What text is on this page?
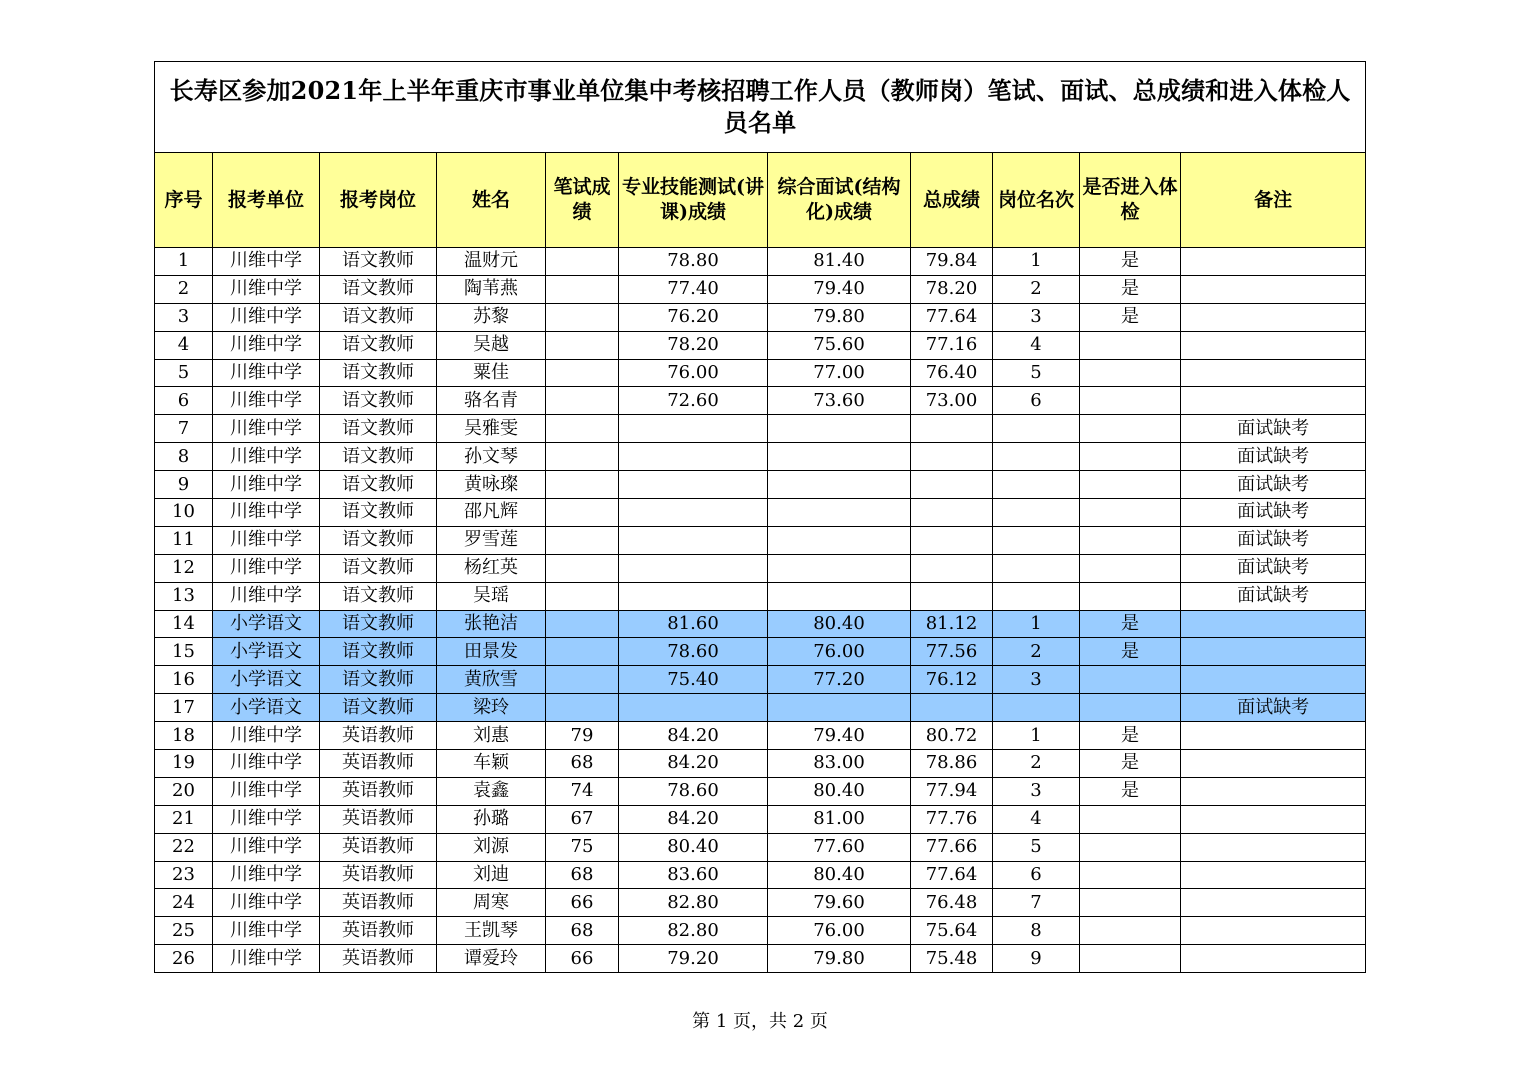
长寿区参加2021年上半年重庆市事业单位集中考核招聘工作人员（教师岗）笔试、面试、总成绩和进入体检人员名单										
序号	报考单位	报考岗位	姓名	笔试成绩	专业技能测试(讲课)成绩	综合面试(结构化)成绩	总成绩	岗位名次	是否进入体检	备注
1	川维中学	语文教师	温财元		78.80	81.40	79.84	1	是	
2	川维中学	语文教师	陶苇燕		77.40	79.40	78.20	2	是	
3	川维中学	语文教师	苏黎		76.20	79.80	77.64	3	是	
4	川维中学	语文教师	吴越		78.20	75.60	77.16	4		
5	川维中学	语文教师	粟佳		76.00	77.00	76.40	5		
6	川维中学	语文教师	骆名青		72.60	73.60	73.00	6		
7	川维中学	语文教师	吴雅雯							面试缺考
8	川维中学	语文教师	孙文琴							面试缺考
9	川维中学	语文教师	黄咏璨							面试缺考
10	川维中学	语文教师	邵凡辉							面试缺考
11	川维中学	语文教师	罗雪莲							面试缺考
12	川维中学	语文教师	杨红英							面试缺考
13	川维中学	语文教师	吴瑶							面试缺考
14	小学语文	语文教师	张艳洁		81.60	80.40	81.12	1	是	
15	小学语文	语文教师	田景发		78.60	76.00	77.56	2	是	
16	小学语文	语文教师	黄欣雪		75.40	77.20	76.12	3		
17	小学语文	语文教师	梁玲							面试缺考
18	川维中学	英语教师	刘惠	79	84.20	79.40	80.72	1	是	
19	川维中学	英语教师	车颖	68	84.20	83.00	78.86	2	是	
20	川维中学	英语教师	袁鑫	74	78.60	80.40	77.94	3	是	
21	川维中学	英语教师	孙璐	67	84.20	81.00	77.76	4		
22	川维中学	英语教师	刘源	75	80.40	77.60	77.66	5		
23	川维中学	英语教师	刘迪	68	83.60	80.40	77.64	6		
24	川维中学	英语教师	周寒	66	82.80	79.60	76.48	7		
25	川维中学	英语教师	王凯琴	68	82.80	76.00	75.64	8		
26	川维中学	英语教师	谭爱玲	66	79.20	79.80	75.48	9		
第 1 页，共 2 页
